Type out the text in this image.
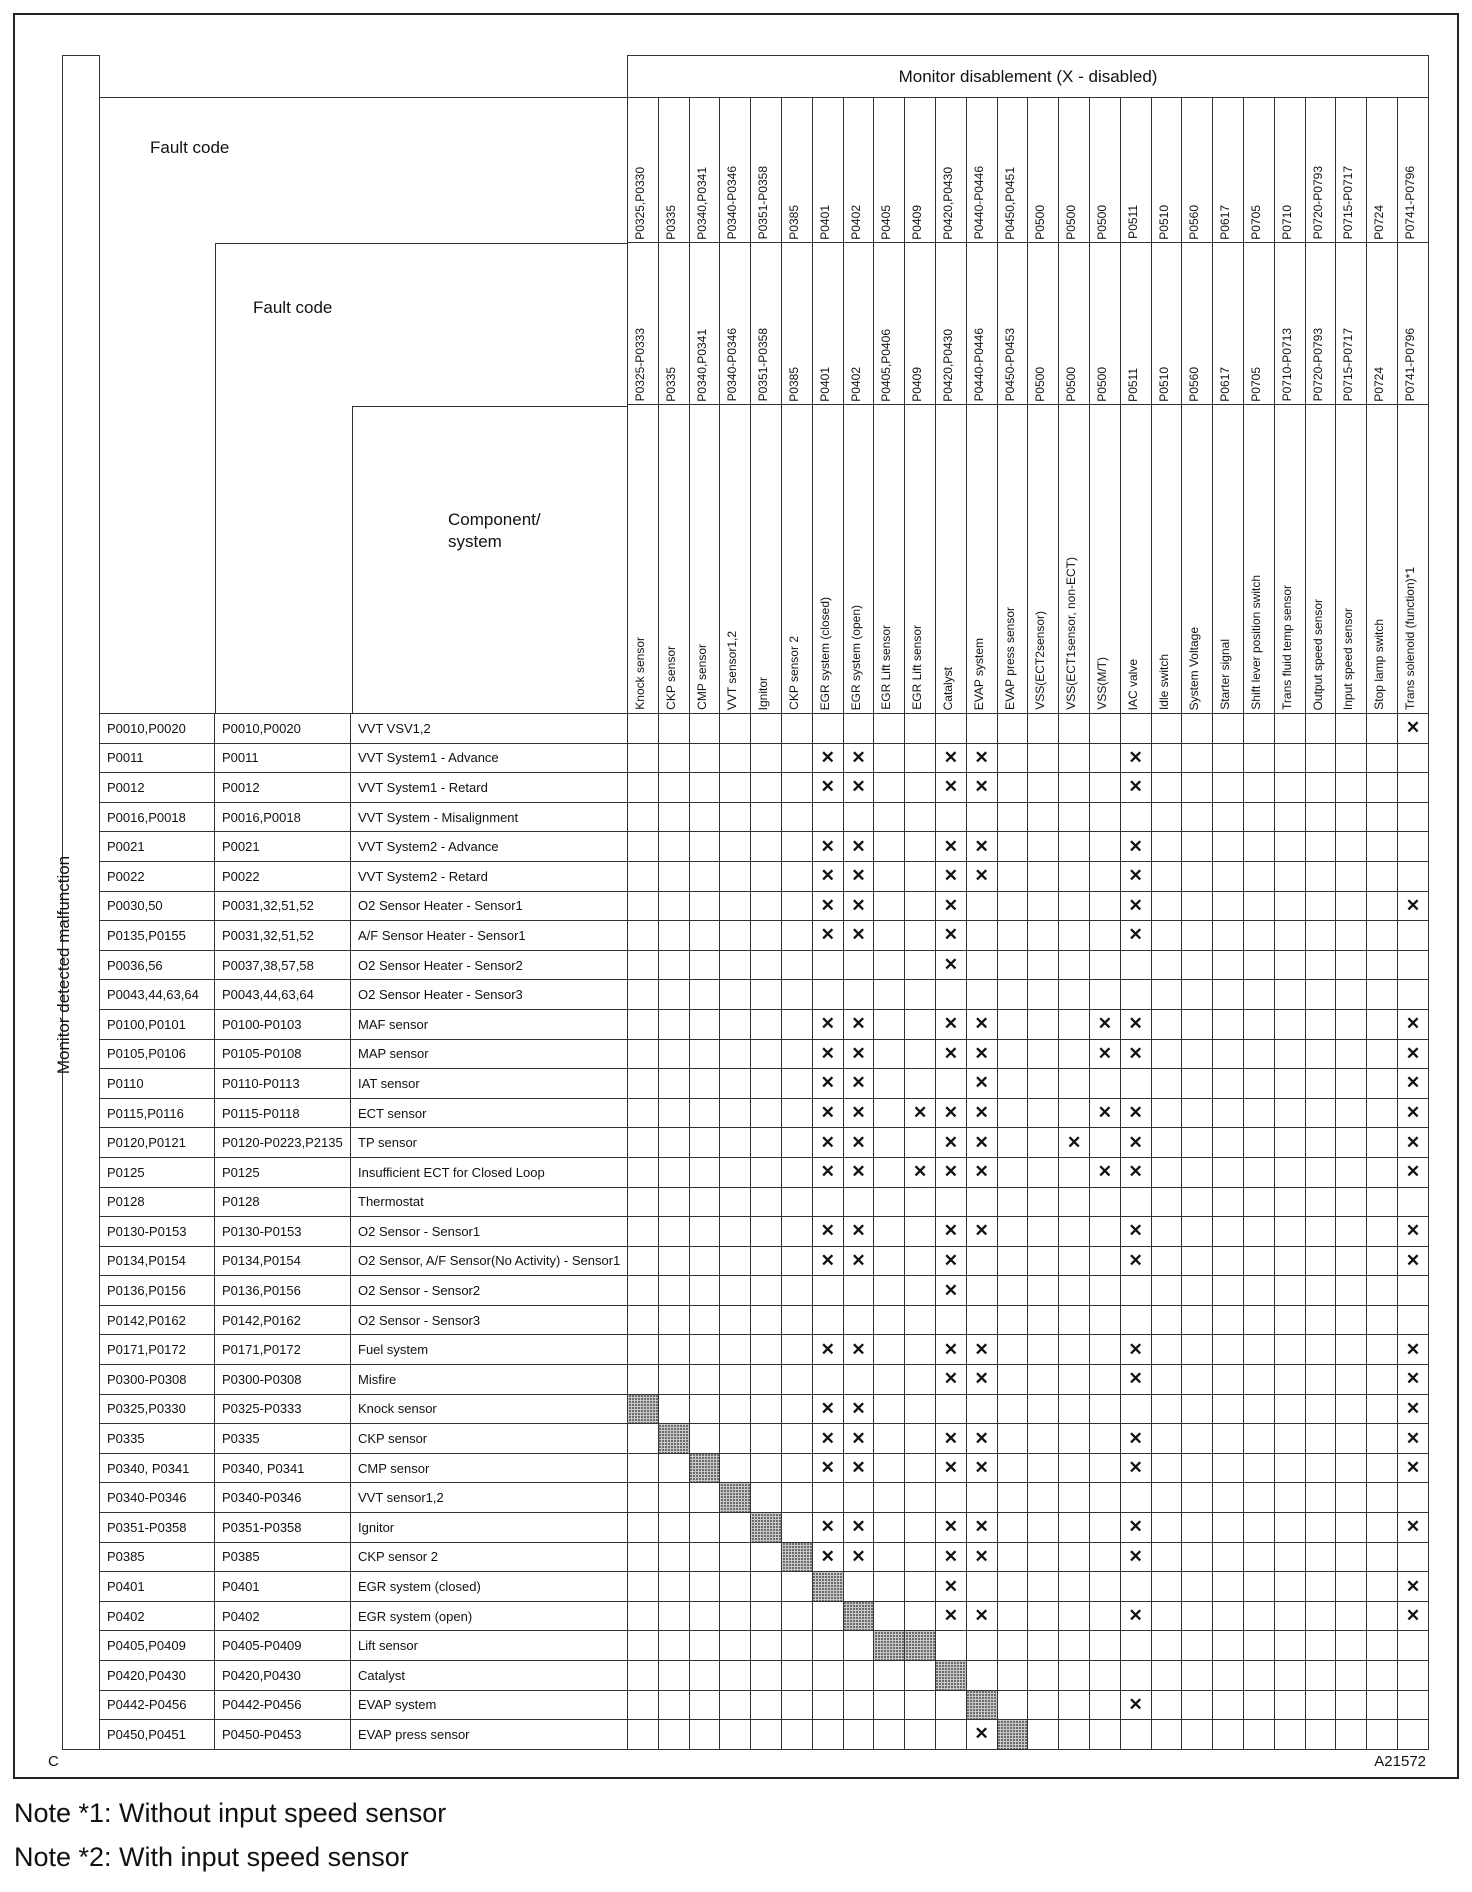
				Monitor disablement (X - disabled)																									

	Fault code
Fault code
Component/
system			P0325,P0330	P0335	P0340,P0341	P0340-P0346	P0351-P0358	P0385	P0401	P0402	P0405	P0409	P0420,P0430	P0440-P0446	P0450,P0451	P0500	P0500	P0500	P0511	P0510	P0560	P0617	P0705	P0710	P0720-P0793	P0715-P0717	P0724	P0741-P0796
				P0325-P0333	P0335	P0340,P0341	P0340-P0346	P0351-P0358	P0385	P0401	P0402	P0405,P0406	P0409	P0420,P0430	P0440-P0446	P0450-P0453	P0500	P0500	P0500	P0511	P0510	P0560	P0617	P0705	P0710-P0713	P0720-P0793	P0715-P0717	P0724	P0741-P0796
				Knock sensor	CKP sensor	CMP sensor	VVT sensor1,2	Ignitor	CKP sensor 2	EGR system (closed)	EGR system (open)	EGR Lift sensor	EGR Lift sensor	Catalyst	EVAP system	EVAP press sensor	VSS(ECT2sensor)	VSS(ECT1sensor, non-ECT)	VSS(M/T)	IAC valve	Idle switch	System Voltage	Starter signal	Shift lever position switch	Trans fluid temp sensor	Output speed sensor	Input speed sensor	Stop lamp switch	Trans solenoid (function)*1
	P0010,P0020	P0010,P0020	VVT VSV1,2																										✕
	P0011	P0011	VVT System1 - Advance							✕	✕			✕	✕					✕									
	P0012	P0012	VVT System1 - Retard							✕	✕			✕	✕					✕									
	P0016,P0018	P0016,P0018	VVT System - Misalignment																										
	P0021	P0021	VVT System2 - Advance							✕	✕			✕	✕					✕									
	P0022	P0022	VVT System2 - Retard							✕	✕			✕	✕					✕									
	P0030,50	P0031,32,51,52	O2 Sensor Heater - Sensor1							✕	✕			✕						✕									✕
	P0135,P0155	P0031,32,51,52	A/F Sensor Heater - Sensor1							✕	✕			✕						✕									
	P0036,56	P0037,38,57,58	O2 Sensor Heater - Sensor2											✕															
	P0043,44,63,64	P0043,44,63,64	O2 Sensor Heater - Sensor3																										
	P0100,P0101	P0100-P0103	MAF sensor							✕	✕			✕	✕				✕	✕									✕
	P0105,P0106	P0105-P0108	MAP sensor							✕	✕			✕	✕				✕	✕									✕
	P0110	P0110-P0113	IAT sensor							✕	✕				✕														✕
	P0115,P0116	P0115-P0118	ECT sensor							✕	✕		✕	✕	✕				✕	✕									✕
	P0120,P0121	P0120-P0223,P2135	TP sensor							✕	✕			✕	✕			✕		✕									✕
	P0125	P0125	Insufficient ECT for Closed Loop							✕	✕		✕	✕	✕				✕	✕									✕
	P0128	P0128	Thermostat																										
	P0130-P0153	P0130-P0153	O2 Sensor - Sensor1							✕	✕			✕	✕					✕									✕
	P0134,P0154	P0134,P0154	O2 Sensor, A/F Sensor(No Activity) - Sensor1							✕	✕			✕						✕									✕
	P0136,P0156	P0136,P0156	O2 Sensor - Sensor2											✕															
	P0142,P0162	P0142,P0162	O2 Sensor - Sensor3																										
	P0171,P0172	P0171,P0172	Fuel system							✕	✕			✕	✕					✕									✕
	P0300-P0308	P0300-P0308	Misfire											✕	✕					✕									✕
	P0325,P0330	P0325-P0333	Knock sensor							✕	✕																		✕
	P0335	P0335	CKP sensor							✕	✕			✕	✕					✕									✕
	P0340, P0341	P0340, P0341	CMP sensor							✕	✕			✕	✕					✕									✕
	P0340-P0346	P0340-P0346	VVT sensor1,2																										
	P0351-P0358	P0351-P0358	Ignitor							✕	✕			✕	✕					✕									✕
	P0385	P0385	CKP sensor 2							✕	✕			✕	✕					✕									
	P0401	P0401	EGR system (closed)											✕															✕
	P0402	P0402	EGR system (open)											✕	✕					✕									✕
	P0405,P0409	P0405-P0409	Lift sensor																										
	P0420,P0430	P0420,P0430	Catalyst																										
	P0442-P0456	P0442-P0456	EVAP system																	✕									
	P0450,P0451	P0450-P0453	EVAP press sensor												✕														
Monitor detected malfunction
C	A21572
Note *1: Without input speed sensor
Note *2: With input speed sensor
